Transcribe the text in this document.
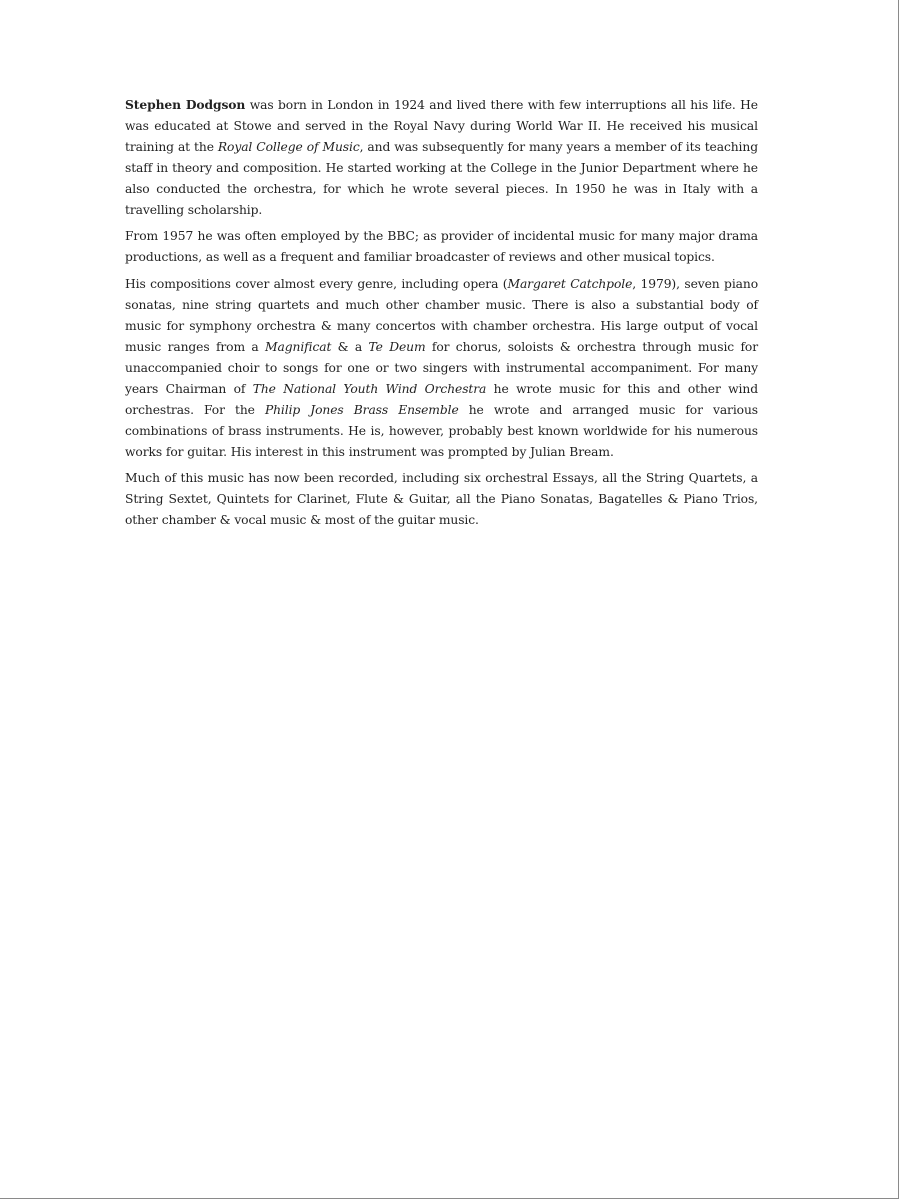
Stephen Dodgson was born in London in 1924 and lived there with few interruptions all his life. He was educated at Stowe and served in the Royal Navy during World War II. He received his musical training at the Royal College of Music, and was subsequently for many years a member of its teaching staff in theory and composition. He started working at the College in the Junior Department where he also conducted the orchestra, for which he wrote several pieces. In 1950 he was in Italy with a travelling scholarship.

From 1957 he was often employed by the BBC; as provider of incidental music for many major drama productions, as well as a frequent and familiar broadcaster of reviews and other musical topics.

His compositions cover almost every genre, including opera (Margaret Catchpole, 1979), seven piano sonatas, nine string quartets and much other chamber music. There is also a substantial body of music for symphony orchestra & many concertos with chamber orchestra. His large output of vocal music ranges from a Magnificat & a Te Deum for chorus, soloists & orchestra through music for unaccompanied choir to songs for one or two singers with instrumental accompaniment. For many years Chairman of The National Youth Wind Orchestra he wrote music for this and other wind orchestras. For the Philip Jones Brass Ensemble he wrote and arranged music for various combinations of brass instruments. He is, however, probably best known worldwide for his numerous works for guitar. His interest in this instrument was prompted by Julian Bream.

Much of this music has now been recorded, including six orchestral Essays, all the String Quartets, a String Sextet, Quintets for Clarinet, Flute & Guitar, all the Piano Sonatas, Bagatelles & Piano Trios, other chamber & vocal music & most of the guitar music.
